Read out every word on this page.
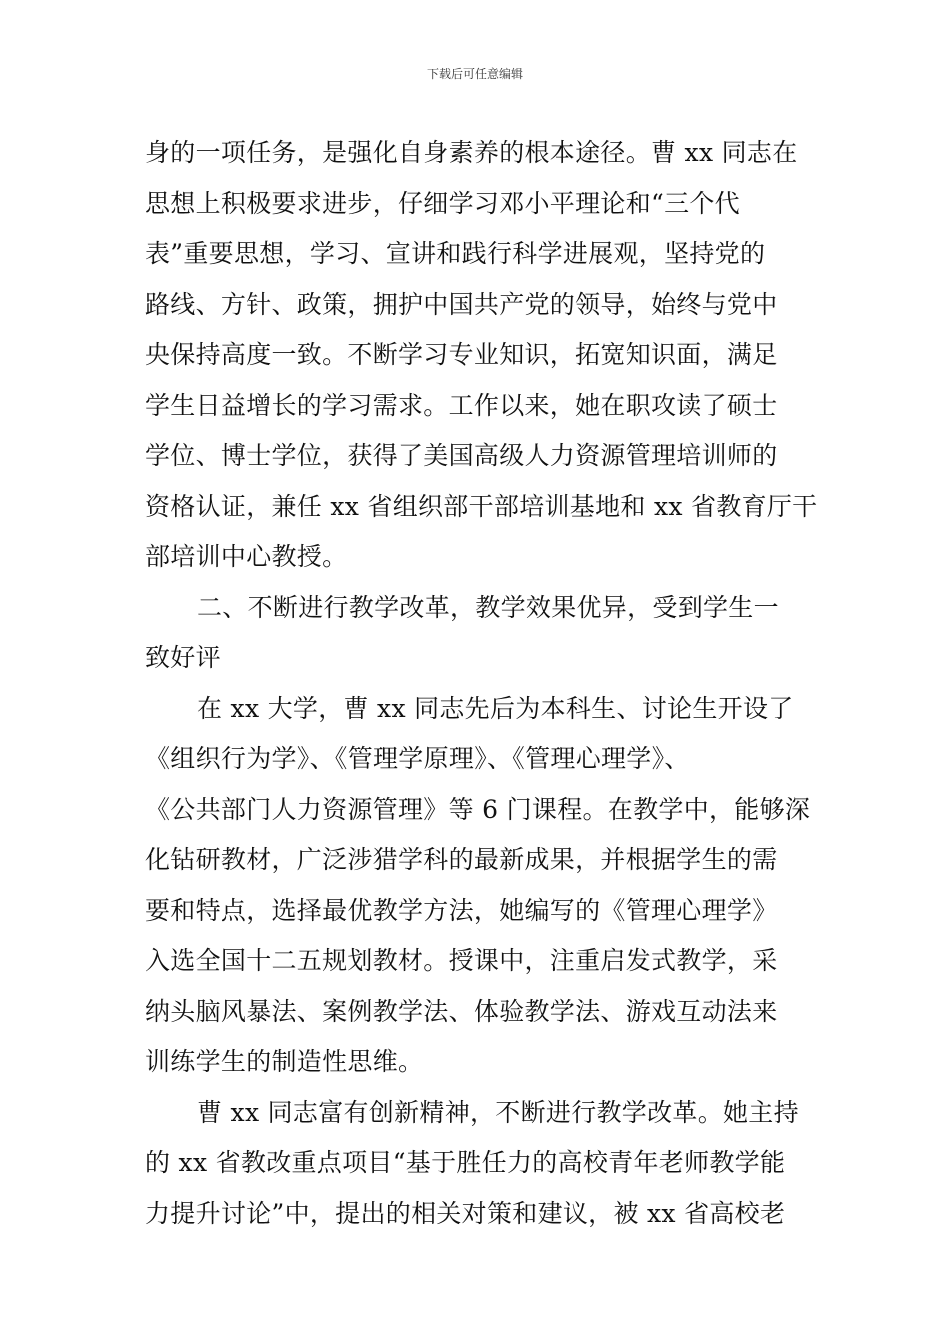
下载后可任意编辑
身的一项任务，是强化自身素养的根本途径。曹 xx 同志在
思想上积极要求进步，仔细学习邓小平理论和“三个代
表”重要思想，学习、宣讲和践行科学进展观，坚持党的
路线、方针、政策，拥护中国共产党的领导，始终与党中
央保持高度一致。不断学习专业知识，拓宽知识面，满足
学生日益增长的学习需求。工作以来，她在职攻读了硕士
学位、博士学位，获得了美国高级人力资源管理培训师的
资格认证，兼任 xx 省组织部干部培训基地和 xx 省教育厅干
部培训中心教授。
二、不断进行教学改革，教学效果优异，受到学生一
致好评
在 xx 大学，曹 xx 同志先后为本科生、讨论生开设了
《组织行为学》、《管理学原理》、《管理心理学》、
《公共部门人力资源管理》等 6 门课程。在教学中，能够深
化钻研教材，广泛涉猎学科的最新成果，并根据学生的需
要和特点，选择最优教学方法，她编写的《管理心理学》
入选全国十二五规划教材。授课中，注重启发式教学，采
纳头脑风暴法、案例教学法、体验教学法、游戏互动法来
训练学生的制造性思维。
曹 xx 同志富有创新精神，不断进行教学改革。她主持
的 xx 省教改重点项目“基于胜任力的高校青年老师教学能
力提升讨论”中，提出的相关对策和建议，被 xx 省高校老
